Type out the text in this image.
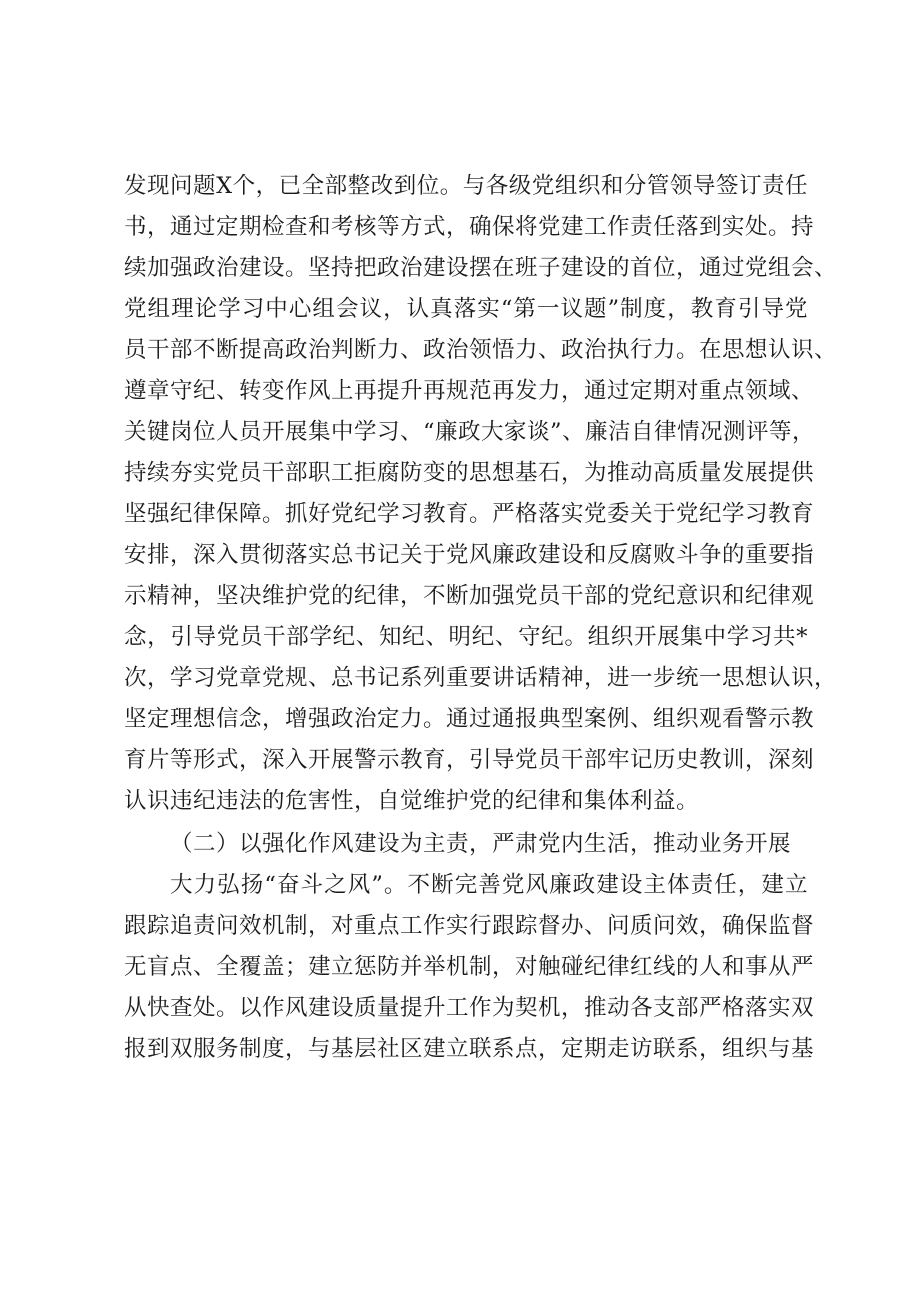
发现问题X个，已全部整改到位。与各级党组织和分管领导签订责任
书，通过定期检查和考核等方式，确保将党建工作责任落到实处。持
续加强政治建设。坚持把政治建设摆在班子建设的首位，通过党组会、
党组理论学习中心组会议，认真落实“第一议题”制度，教育引导党
员干部不断提高政治判断力、政治领悟力、政治执行力。在思想认识、
遵章守纪、转变作风上再提升再规范再发力，通过定期对重点领域、
关键岗位人员开展集中学习、“廉政大家谈”、廉洁自律情况测评等，
持续夯实党员干部职工拒腐防变的思想基石，为推动高质量发展提供
坚强纪律保障。抓好党纪学习教育。严格落实党委关于党纪学习教育
安排，深入贯彻落实总书记关于党风廉政建设和反腐败斗争的重要指
示精神，坚决维护党的纪律，不断加强党员干部的党纪意识和纪律观
念，引导党员干部学纪、知纪、明纪、守纪。组织开展集中学习共*
次，学习党章党规、总书记系列重要讲话精神，进一步统一思想认识，
坚定理想信念，增强政治定力。通过通报典型案例、组织观看警示教
育片等形式，深入开展警示教育，引导党员干部牢记历史教训，深刻
认识违纪违法的危害性，自觉维护党的纪律和集体利益。
（二）以强化作风建设为主责，严肃党内生活，推动业务开展
大力弘扬“奋斗之风”。不断完善党风廉政建设主体责任，建立
跟踪追责问效机制，对重点工作实行跟踪督办、问质问效，确保监督
无盲点、全覆盖；建立惩防并举机制，对触碰纪律红线的人和事从严
从快查处。以作风建设质量提升工作为契机，推动各支部严格落实双
报到双服务制度，与基层社区建立联系点，定期走访联系，组织与基
